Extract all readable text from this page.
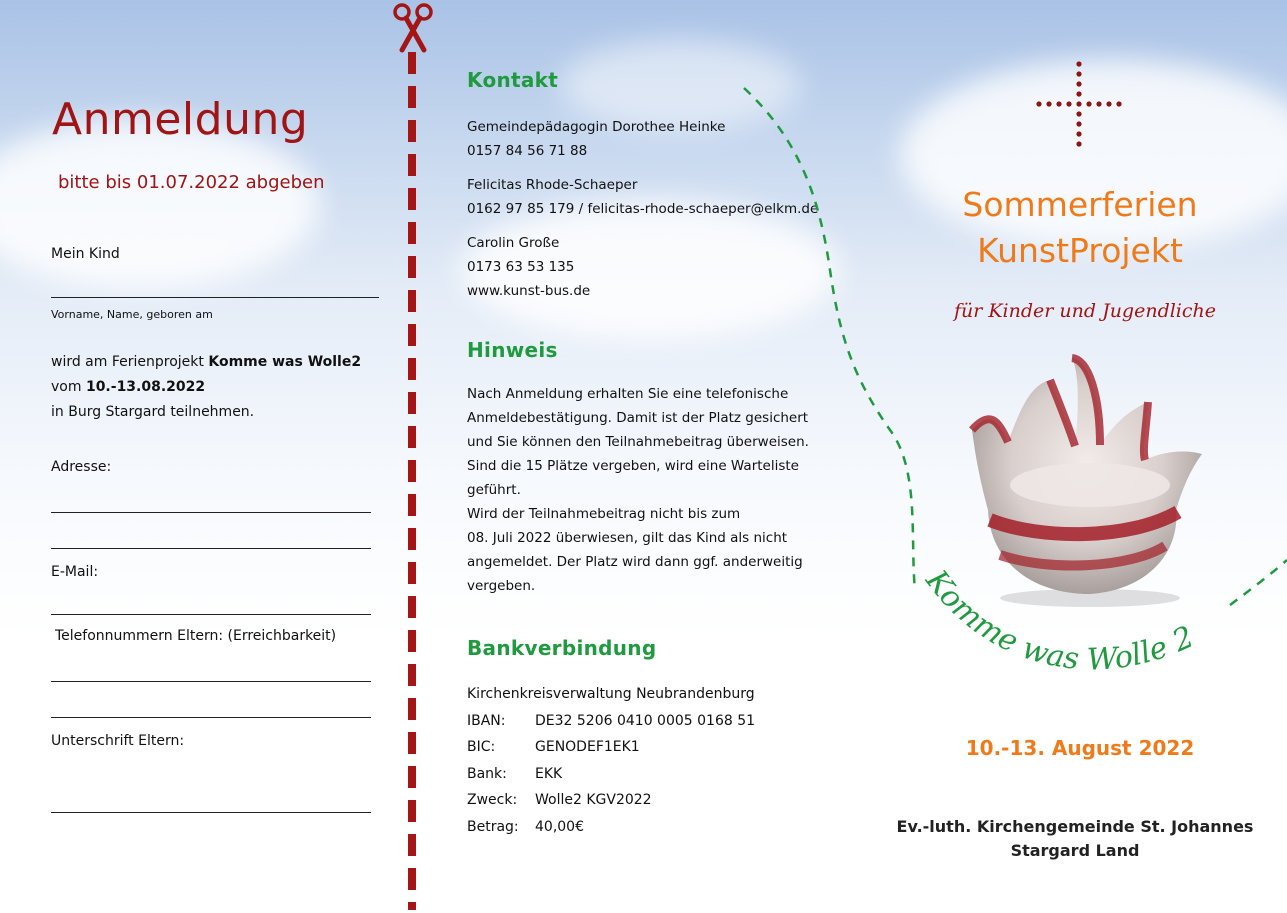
Anmeldung
bitte bis 01.07.2022 abgeben
Mein Kind
Vorname, Name, geboren am
wird am Ferienprojekt Komme was Wolle2
vom 10.-13.08.2022
in Burg Stargard teilnehmen.
Adresse:
E-Mail:
Telefonnummern Eltern: (Erreichbarkeit)
Unterschrift Eltern:
Kontakt
Gemeindepädagogin Dorothee Heinke
0157 84 56 71 88
Felicitas Rhode-Schaeper
0162 97 85 179 / felicitas-rhode-schaeper@elkm.de
Carolin Große
0173 63 53 135
www.kunst-bus.de
Hinweis
Nach Anmeldung erhalten Sie eine telefonische
Anmeldebestätigung. Damit ist der Platz gesichert
und Sie können den Teilnahmebeitrag überweisen.
Sind die 15 Plätze vergeben, wird eine Warteliste
geführt.
Wird der Teilnahmebeitrag nicht bis zum
08. Juli 2022 überwiesen, gilt das Kind als nicht
angemeldet. Der Platz wird dann ggf. anderweitig
vergeben.
Bankverbindung
Kirchenkreisverwaltung Neubrandenburg
IBAN:	DE32 5206 0410 0005 0168 51
BIC:	GENODEF1EK1
Bank:	EKK
Zweck:	Wolle2 KGV2022
Betrag:	40,00€
Sommerferien
KunstProjekt
für Kinder und Jugendliche
Komme was Wolle 2
10.-13. August 2022
Ev.-luth. Kirchengemeinde St. Johannes
Stargard Land
